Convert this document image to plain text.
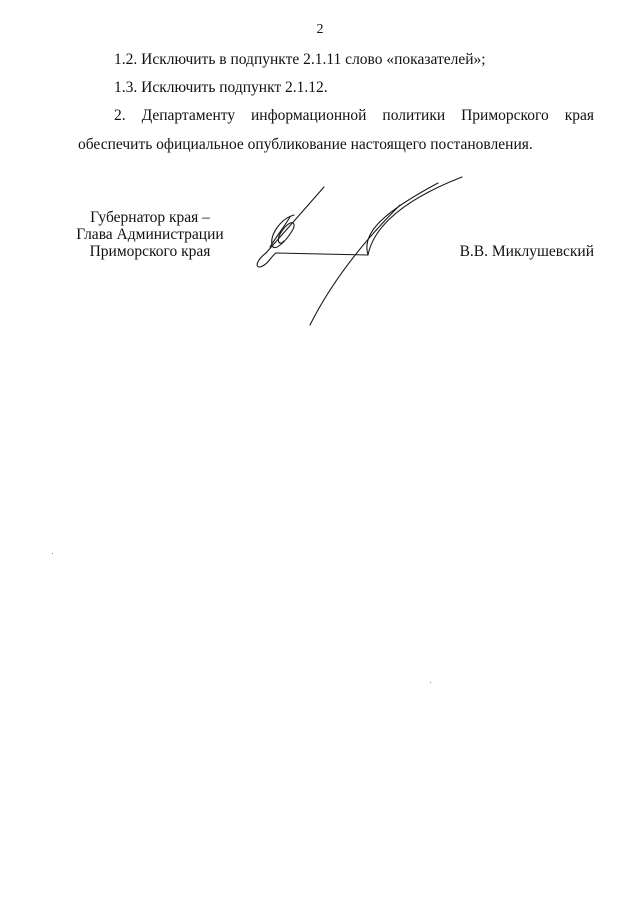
2

1.2. Исключить в подпункте 2.1.11 слово «показателей»;

1.3. Исключить подпункт 2.1.12.

2. Департаменту информационной политики Приморского края
обеспечить официальное опубликование настоящего постановления.

Губернатор края –
Глава Администрации
Приморского края	В.В. Миклушевский
